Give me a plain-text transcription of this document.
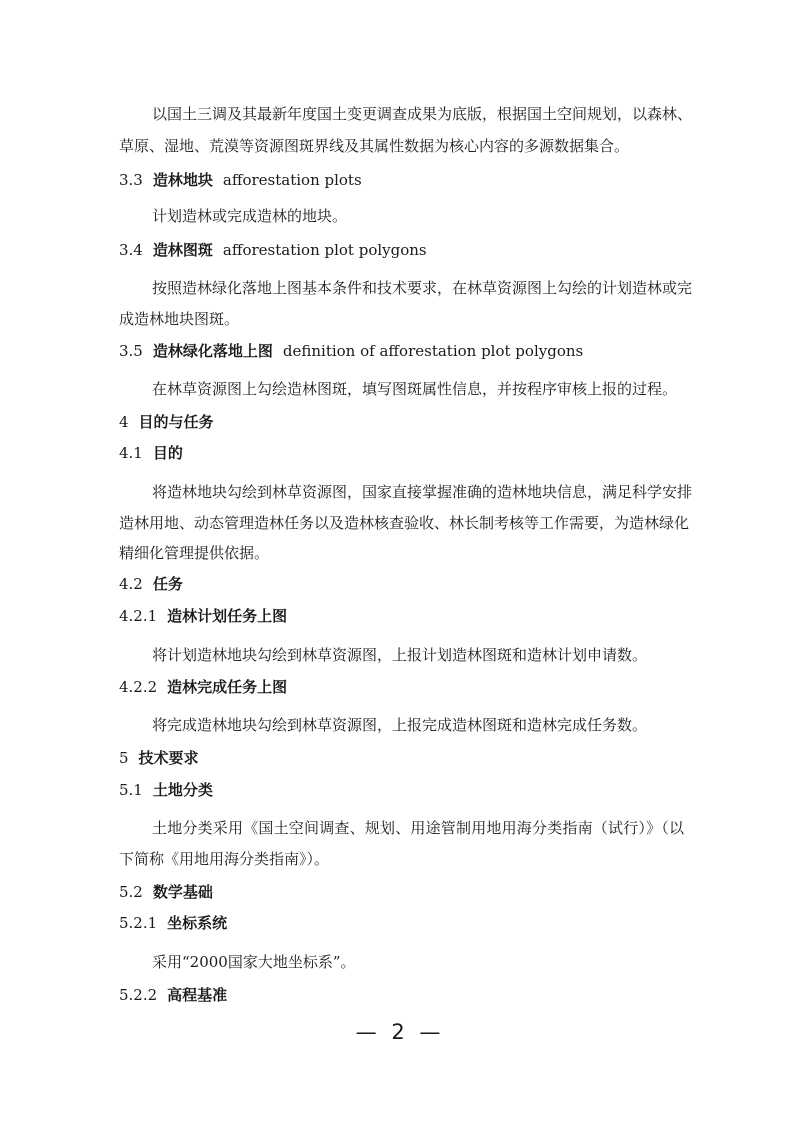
以国土三调及其最新年度国土变更调查成果为底版，根据国土空间规划，以森林、
草原、湿地、荒漠等资源图斑界线及其属性数据为核心内容的多源数据集合。
3.3 造林地块 afforestation plots
计划造林或完成造林的地块。
3.4 造林图斑 afforestation plot polygons
按照造林绿化落地上图基本条件和技术要求，在林草资源图上勾绘的计划造林或完
成造林地块图斑。
3.5 造林绿化落地上图 definition of afforestation plot polygons
在林草资源图上勾绘造林图斑，填写图斑属性信息，并按程序审核上报的过程。
4 目的与任务
4.1 目的
将造林地块勾绘到林草资源图，国家直接掌握准确的造林地块信息，满足科学安排
造林用地、动态管理造林任务以及造林核查验收、林长制考核等工作需要，为造林绿化
精细化管理提供依据。
4.2 任务
4.2.1 造林计划任务上图
将计划造林地块勾绘到林草资源图，上报计划造林图斑和造林计划申请数。
4.2.2 造林完成任务上图
将完成造林地块勾绘到林草资源图，上报完成造林图斑和造林完成任务数。
5 技术要求
5.1 土地分类
土地分类采用《国土空间调查、规划、用途管制用地用海分类指南（试行）》（以
下简称《用地用海分类指南》）。
5.2 数学基础
5.2.1 坐标系统
采用“2000国家大地坐标系”。
5.2.2 高程基准
— 2 —
